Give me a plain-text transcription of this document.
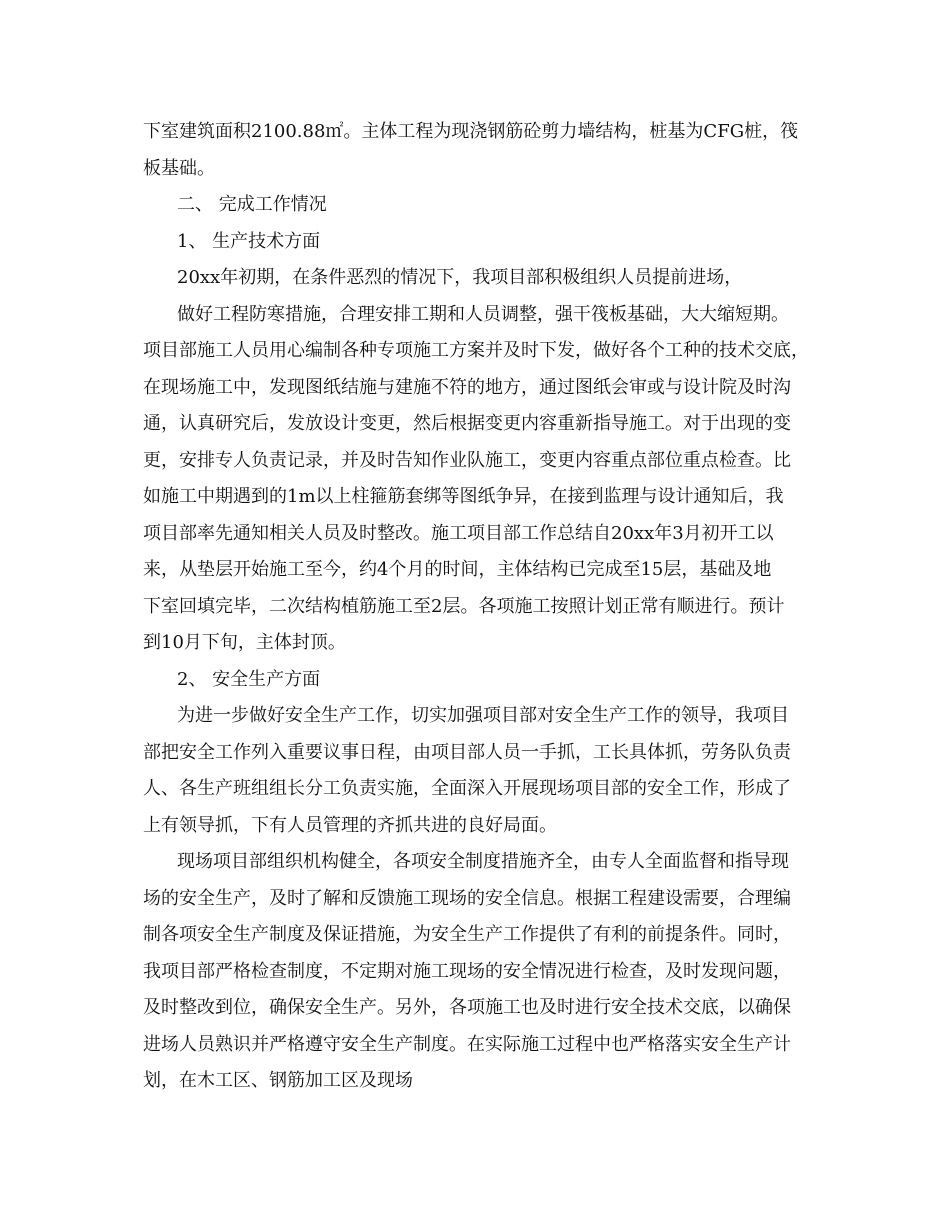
下室建筑面积2100.88㎡。主体工程为现浇钢筋砼剪力墙结构，桩基为CFG桩，筏
板基础。
二、 完成工作情况
1、 生产技术方面
20xx年初期，在条件恶烈的情况下，我项目部积极组织人员提前进场，
做好工程防寒措施，合理安排工期和人员调整，强干筏板基础，大大缩短期。
项目部施工人员用心编制各种专项施工方案并及时下发，做好各个工种的技术交底，
在现场施工中，发现图纸结施与建施不符的地方，通过图纸会审或与设计院及时沟
通，认真研究后，发放设计变更，然后根据变更内容重新指导施工。对于出现的变
更，安排专人负责记录，并及时告知作业队施工，变更内容重点部位重点检查。比
如施工中期遇到的1m以上柱箍筋套绑等图纸争异，在接到监理与设计通知后，我
项目部率先通知相关人员及时整改。施工项目部工作总结自20xx年3月初开工以
来，从垫层开始施工至今，约4个月的时间，主体结构已完成至15层，基础及地
下室回填完毕，二次结构植筋施工至2层。各项施工按照计划正常有顺进行。预计
到10月下旬，主体封顶。
2、 安全生产方面
为进一步做好安全生产工作，切实加强项目部对安全生产工作的领导，我项目
部把安全工作列入重要议事日程，由项目部人员一手抓，工长具体抓，劳务队负责
人、各生产班组组长分工负责实施，全面深入开展现场项目部的安全工作，形成了
上有领导抓，下有人员管理的齐抓共进的良好局面。
现场项目部组织机构健全，各项安全制度措施齐全，由专人全面监督和指导现
场的安全生产，及时了解和反馈施工现场的安全信息。根据工程建设需要，合理编
制各项安全生产制度及保证措施，为安全生产工作提供了有利的前提条件。同时，
我项目部严格检查制度，不定期对施工现场的安全情况进行检查，及时发现问题，
及时整改到位，确保安全生产。另外，各项施工也及时进行安全技术交底，以确保
进场人员熟识并严格遵守安全生产制度。在实际施工过程中也严格落实安全生产计
划，在木工区、钢筋加工区及现场
